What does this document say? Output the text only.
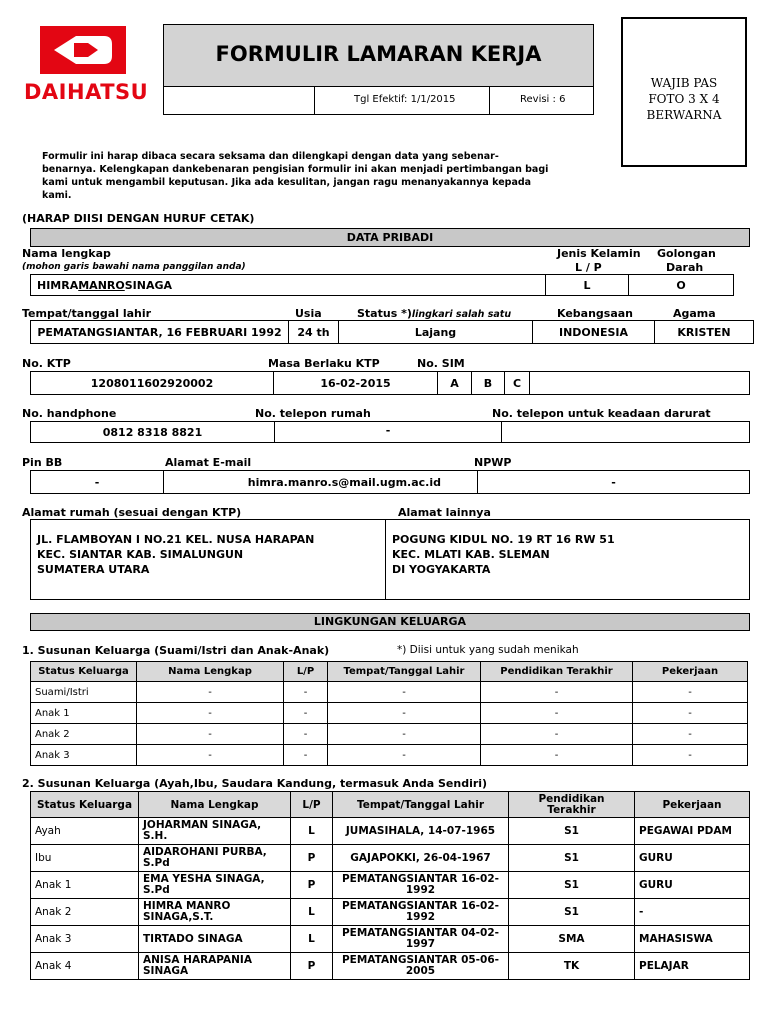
DAIHATSU
FORMULIR LAMARAN KERJA
Tgl Efektif: 1/1/2015	Revisi : 6
WAJIB PAS
FOTO 3 X 4
BERWARNA
Formulir ini harap dibaca secara seksama dan dilengkapi dengan data yang sebenar-
benarnya. Kelengkapan dankebenaran pengisian formulir ini akan menjadi pertimbangan bagi
kami untuk mengambil keputusan. Jika ada kesulitan, jangan ragu menanyakannya kepada
kami.
(HARAP DIISI DENGAN HURUF CETAK)
DATA PRIBADI
Nama lengkap
(mohon garis bawahi nama panggilan anda)
Jenis Kelamin
L / P
Golongan
Darah
HIMRA MANRO SINAGA	L	O
Tempat/tanggal lahir	Usia	Status *)lingkari salah satu	Kebangsaan	Agama
PEMATANGSIANTAR, 16 FEBRUARI 1992	24 th	Lajang	INDONESIA	KRISTEN
No. KTP	Masa Berlaku KTP	No. SIM
1208011602920002	16-02-2015	A	B	C
No. handphone	No. telepon rumah	No. telepon untuk keadaan darurat
0812 8318 8821	-
Pin BB	Alamat E-mail	NPWP
-	himra.manro.s@mail.ugm.ac.id	-
Alamat rumah (sesuai dengan KTP)	Alamat lainnya
JL. FLAMBOYAN I NO.21 KEL. NUSA HARAPAN
KEC. SIANTAR KAB. SIMALUNGUN
SUMATERA UTARA
POGUNG KIDUL NO. 19 RT 16 RW 51
KEC. MLATI KAB. SLEMAN
DI YOGYAKARTA
LINGKUNGAN KELUARGA
1. Susunan Keluarga (Suami/Istri dan Anak-Anak)	*) Diisi untuk yang sudah menikah
Status Keluarga	Nama Lengkap	L/P	Tempat/Tanggal Lahir	Pendidikan Terakhir	Pekerjaan
Suami/Istri	-	-	-	-	-
Anak 1	-	-	-	-	-
Anak 2	-	-	-	-	-
Anak 3	-	-	-	-	-
2. Susunan Keluarga (Ayah,Ibu, Saudara Kandung, termasuk Anda Sendiri)
Status Keluarga	Nama Lengkap	L/P	Tempat/Tanggal Lahir	Pendidikan Terakhir	Pekerjaan
Ayah	JOHARMAN SINAGA, S.H.	L	JUMASIHALA, 14-07-1965	S1	PEGAWAI PDAM
Ibu	AIDAROHANI PURBA, S.Pd	P	GAJAPOKKI, 26-04-1967	S1	GURU
Anak 1	EMA YESHA SINAGA, S.Pd	P	PEMATANGSIANTAR 16-02-1992	S1	GURU
Anak 2	HIMRA MANRO SINAGA,S.T.	L	PEMATANGSIANTAR 16-02-1992	S1	-
Anak 3	TIRTADO SINAGA	L	PEMATANGSIANTAR 04-02-1997	SMA	MAHASISWA
Anak 4	ANISA HARAPANIA SINAGA	P	PEMATANGSIANTAR 05-06-2005	TK	PELAJAR
